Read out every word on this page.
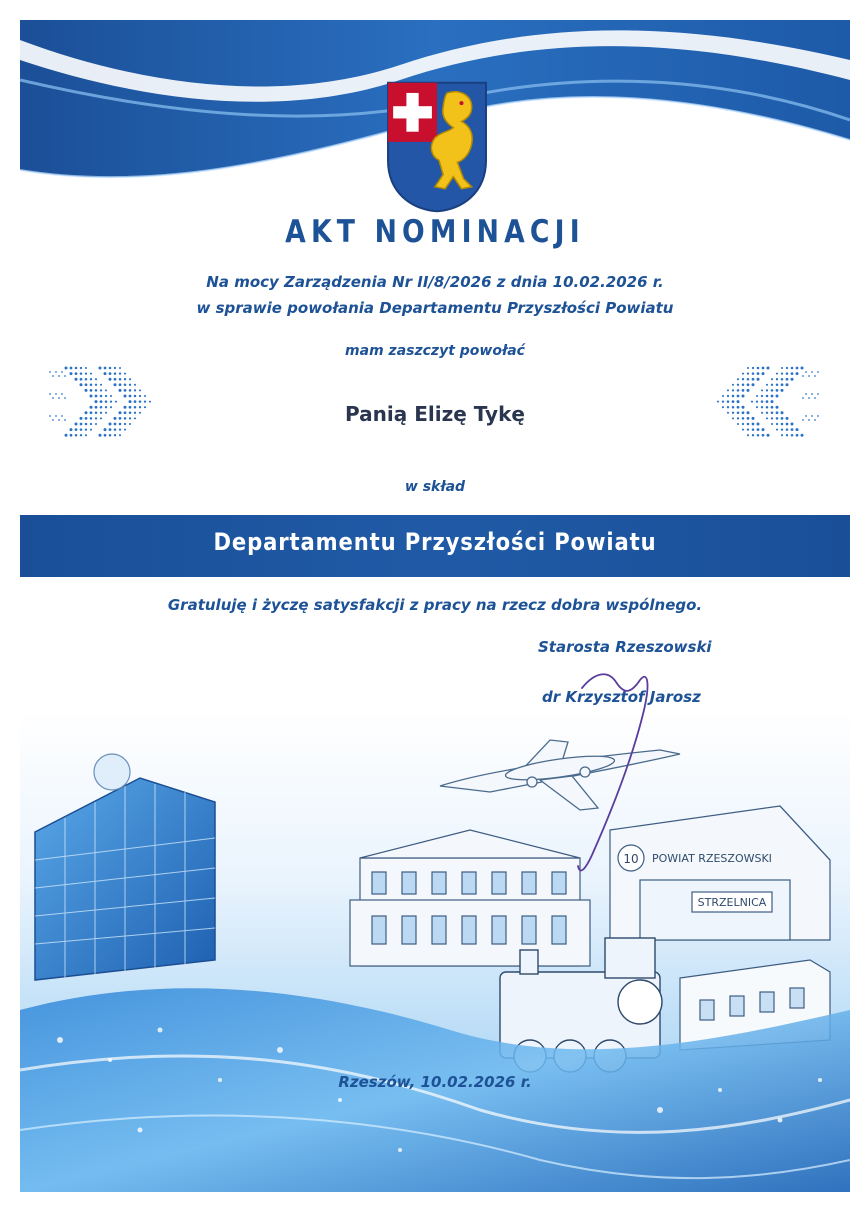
AKT NOMINACJI
Na mocy Zarządzenia Nr II/8/2026 z dnia 10.02.2026 r.
w sprawie powołania Departamentu Przyszłości Powiatu
mam zaszczyt powołać
Panią Elizę Tykę
w skład
Departamentu Przyszłości Powiatu
Gratuluję i życzę satysfakcji z pracy na rzecz dobra wspólnego.
Starosta Rzeszowski
dr Krzysztof Jarosz
10 POWIAT RZESZOWSKI
STRZELNICA
Rzeszów, 10.02.2026 r.
